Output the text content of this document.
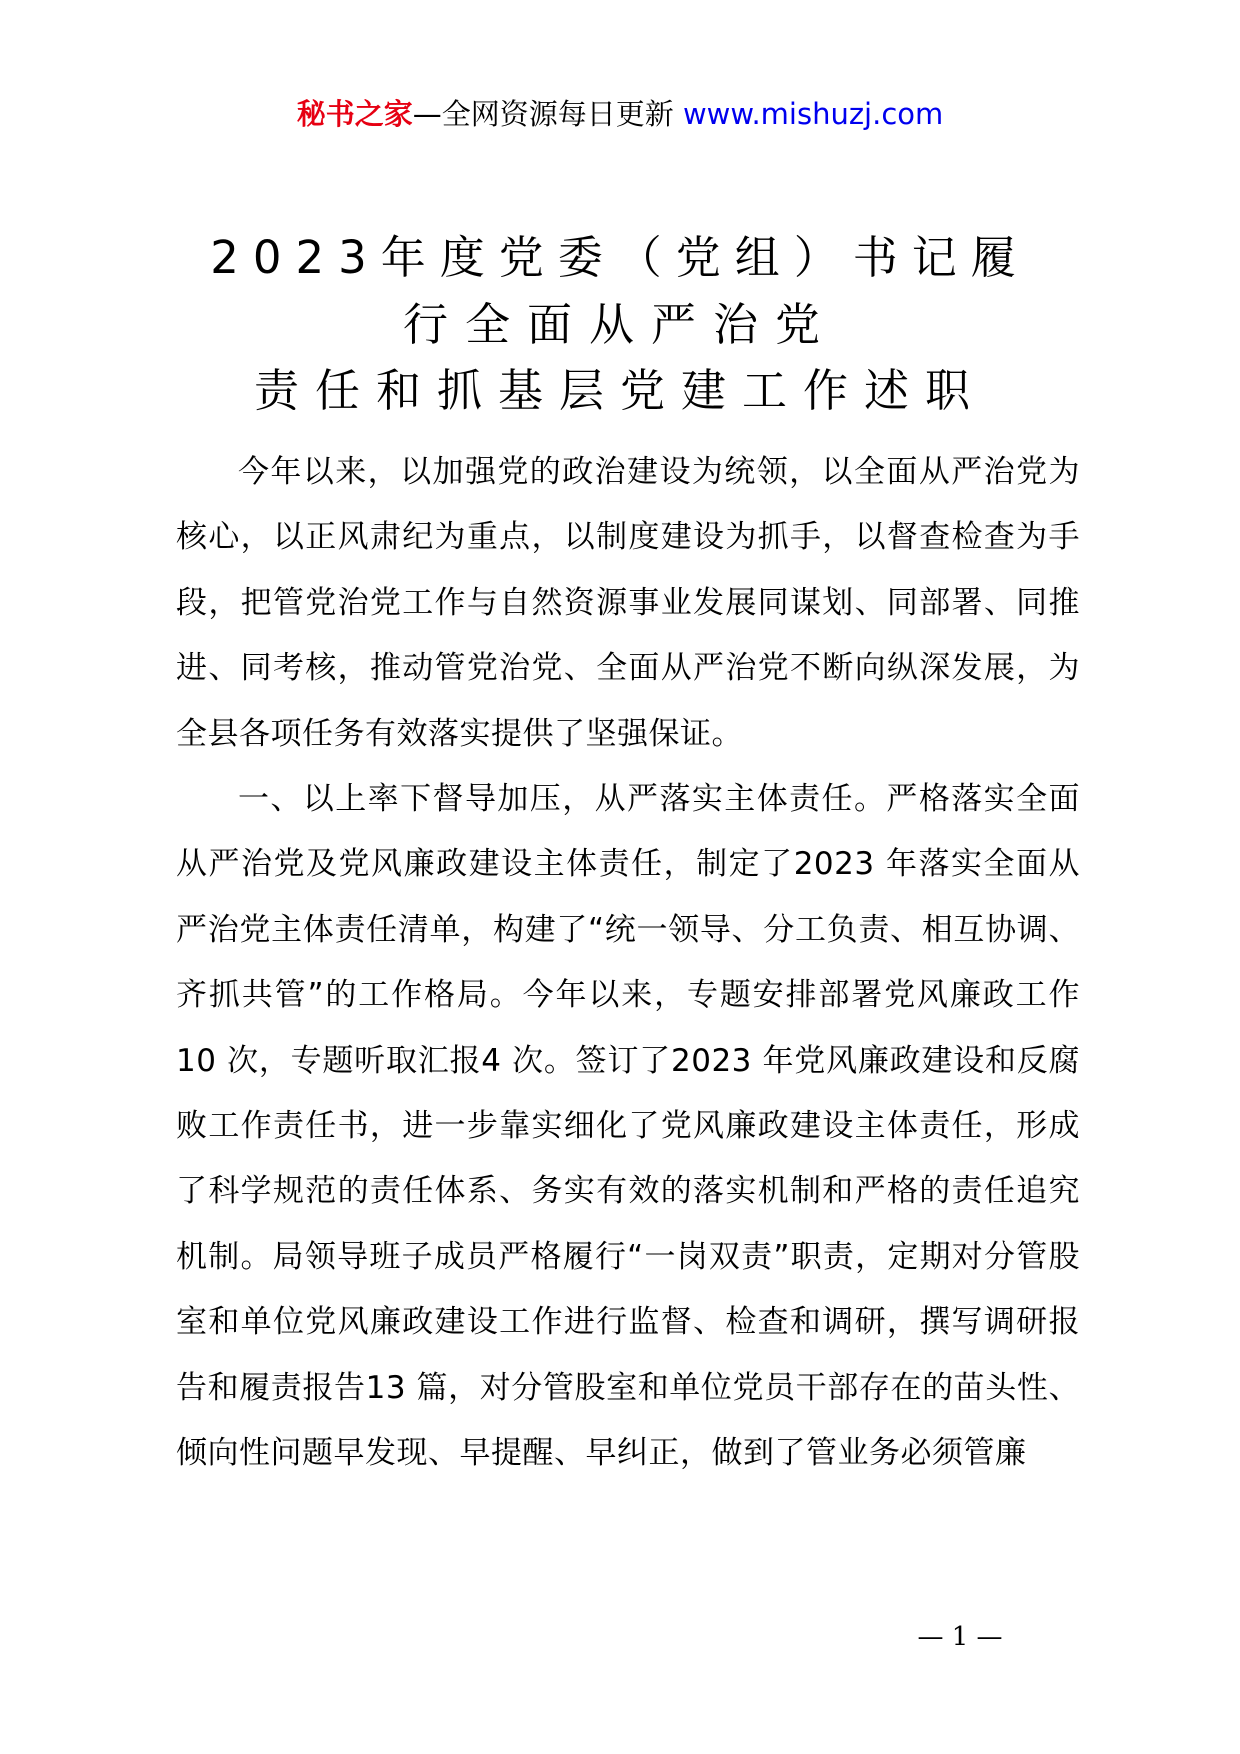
秘书之家—全网资源每日更新 www.mishuzj.com
2023年度党委（党组）书记履
行全面从严治党
责任和抓基层党建工作述职

今年以来，以加强党的政治建设为统领，以全面从严治党为核心，以正风肃纪为重点，以制度建设为抓手，以督查检查为手段，把管党治党工作与自然资源事业发展同谋划、同部署、同推进、同考核，推动管党治党、全面从严治党不断向纵深发展，为全县各项任务有效落实提供了坚强保证。

一、以上率下督导加压，从严落实主体责任。严格落实全面从严治党及党风廉政建设主体责任，制定了2023 年落实全面从严治党主体责任清单，构建了“统一领导、分工负责、相互协调、齐抓共管”的工作格局。今年以来，专题安排部署党风廉政工作10 次，专题听取汇报4 次。签订了2023 年党风廉政建设和反腐败工作责任书，进一步靠实细化了党风廉政建设主体责任，形成了科学规范的责任体系、务实有效的落实机制和严格的责任追究机制。局领导班子成员严格履行“一岗双责”职责，定期对分管股室和单位党风廉政建设工作进行监督、检查和调研，撰写调研报告和履责报告13 篇，对分管股室和单位党员干部存在的苗头性、倾向性问题早发现、早提醒、早纠正，做到了管业务必须管廉

— 1 —
